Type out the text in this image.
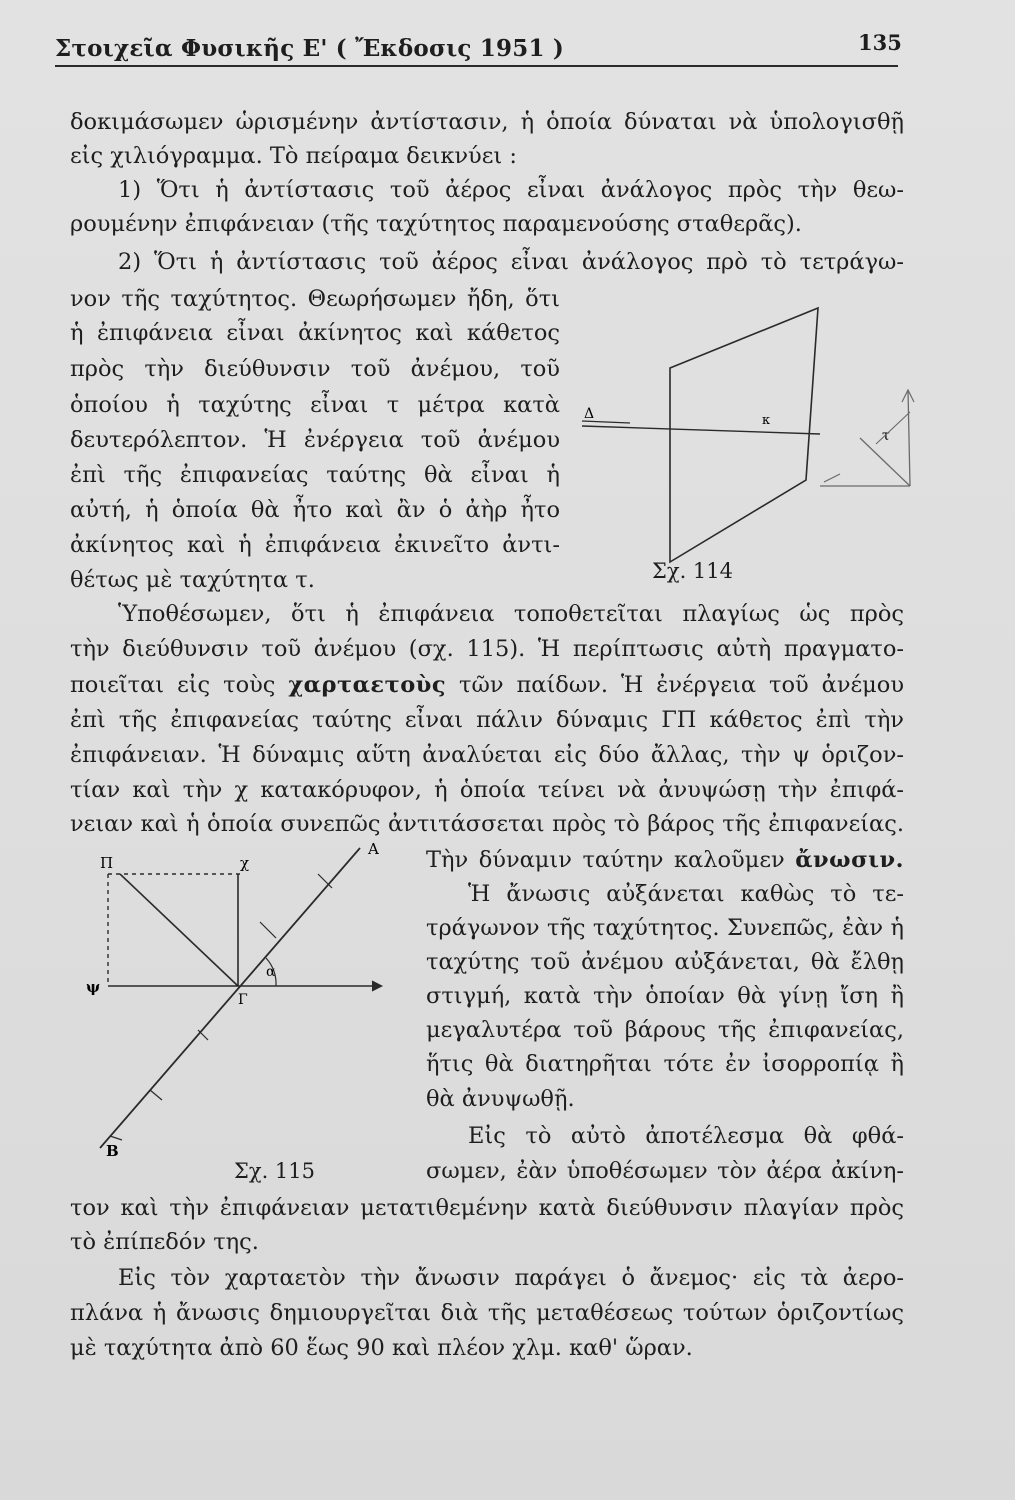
Στοιχεῖα Φυσικῆς Ε' ( Ἔκδοσις 1951 )	135
δοκιμάσωμεν ὡρισμένην ἀντίστασιν, ἡ ὁποία δύναται νὰ ὑπολογισθῇ
εἰς χιλιόγραμμα. Τὸ πείραμα δεικνύει :
1) Ὅτι ἡ ἀντίστασις τοῦ ἀέρος εἶναι ἀνάλογος πρὸς τὴν θεω-
ρουμένην ἐπιφάνειαν (τῆς ταχύτητος παραμενούσης σταθερᾶς).
2) Ὅτι ἡ ἀντίστασις τοῦ ἀέρος εἶναι ἀνάλογος πρὸ τὸ τετράγω-
νον τῆς ταχύτητος. Θεωρήσωμεν ἤδη, ὅτι
ἡ ἐπιφάνεια εἶναι ἀκίνητος καὶ κάθετος
πρὸς τὴν διεύθυνσιν τοῦ ἀνέμου, τοῦ
ὁποίου ἡ ταχύτης εἶναι τ μέτρα κατὰ
δευτερόλεπτον. Ἡ ἐνέργεια τοῦ ἀνέμου
ἐπὶ τῆς ἐπιφανείας ταύτης θὰ εἶναι ἡ
αὐτή, ἡ ὁποία θὰ ἦτο καὶ ἂν ὁ ἀὴρ ἦτο
ἀκίνητος καὶ ἡ ἐπιφάνεια ἐκινεῖτο ἀντι-
θέτως μὲ ταχύτητα τ.
Δ	κ
τ
Σχ. 114
Ὑποθέσωμεν, ὅτι ἡ ἐπιφάνεια τοποθετεῖται πλαγίως ὡς πρὸς
τὴν διεύθυνσιν τοῦ ἀνέμου (σχ. 115). Ἡ περίπτωσις αὐτὴ πραγματο-
ποιεῖται εἰς τοὺς χαρταετοὺς τῶν παίδων. Ἡ ἐνέργεια τοῦ ἀνέμου
ἐπὶ τῆς ἐπιφανείας ταύτης εἶναι πάλιν δύναμις ΓΠ κάθετος ἐπὶ τὴν
ἐπιφάνειαν. Ἡ δύναμις αὕτη ἀναλύεται εἰς δύο ἄλλας, τὴν ψ ὁριζον-
τίαν καὶ τὴν χ κατακόρυφον, ἡ ὁποία τείνει νὰ ἀνυψώσῃ τὴν ἐπιφά-
νειαν καὶ ἡ ὁποία συνεπῶς ἀντιτάσσεται πρὸς τὸ βάρος τῆς ἐπιφανείας.
Τὴν δύναμιν ταύτην καλοῦμεν ἄνωσιν.
Ἡ ἄνωσις αὐξάνεται καθὼς τὸ τε-
τράγωνον τῆς ταχύτητος. Συνεπῶς, ἐὰν ἡ
ταχύτης τοῦ ἀνέμου αὐξάνεται, θὰ ἔλθῃ
στιγμή, κατὰ τὴν ὁποίαν θὰ γίνῃ ἴση ἢ
μεγαλυτέρα τοῦ βάρους τῆς ἐπιφανείας,
ἥτις θὰ διατηρῆται τότε ἐν ἰσορροπίᾳ ἢ
θὰ ἀνυψωθῇ.
Εἰς τὸ αὐτὸ ἀποτέλεσμα θὰ φθά-
σωμεν, ἐὰν ὑποθέσωμεν τὸν ἀέρα ἀκίνη-
Π	χ
ψ
Γ
α
Α
Β
Σχ. 115
τον καὶ τὴν ἐπιφάνειαν μετατιθεμένην κατὰ διεύθυνσιν πλαγίαν πρὸς
τὸ ἐπίπεδόν της.
Εἰς τὸν χαρταετὸν τὴν ἄνωσιν παράγει ὁ ἄνεμος· εἰς τὰ ἀερο-
πλάνα ἡ ἄνωσις δημιουργεῖται διὰ τῆς μεταθέσεως τούτων ὁριζοντίως
μὲ ταχύτητα ἀπὸ 60 ἕως 90 καὶ πλέον χλμ. καθ' ὥραν.
